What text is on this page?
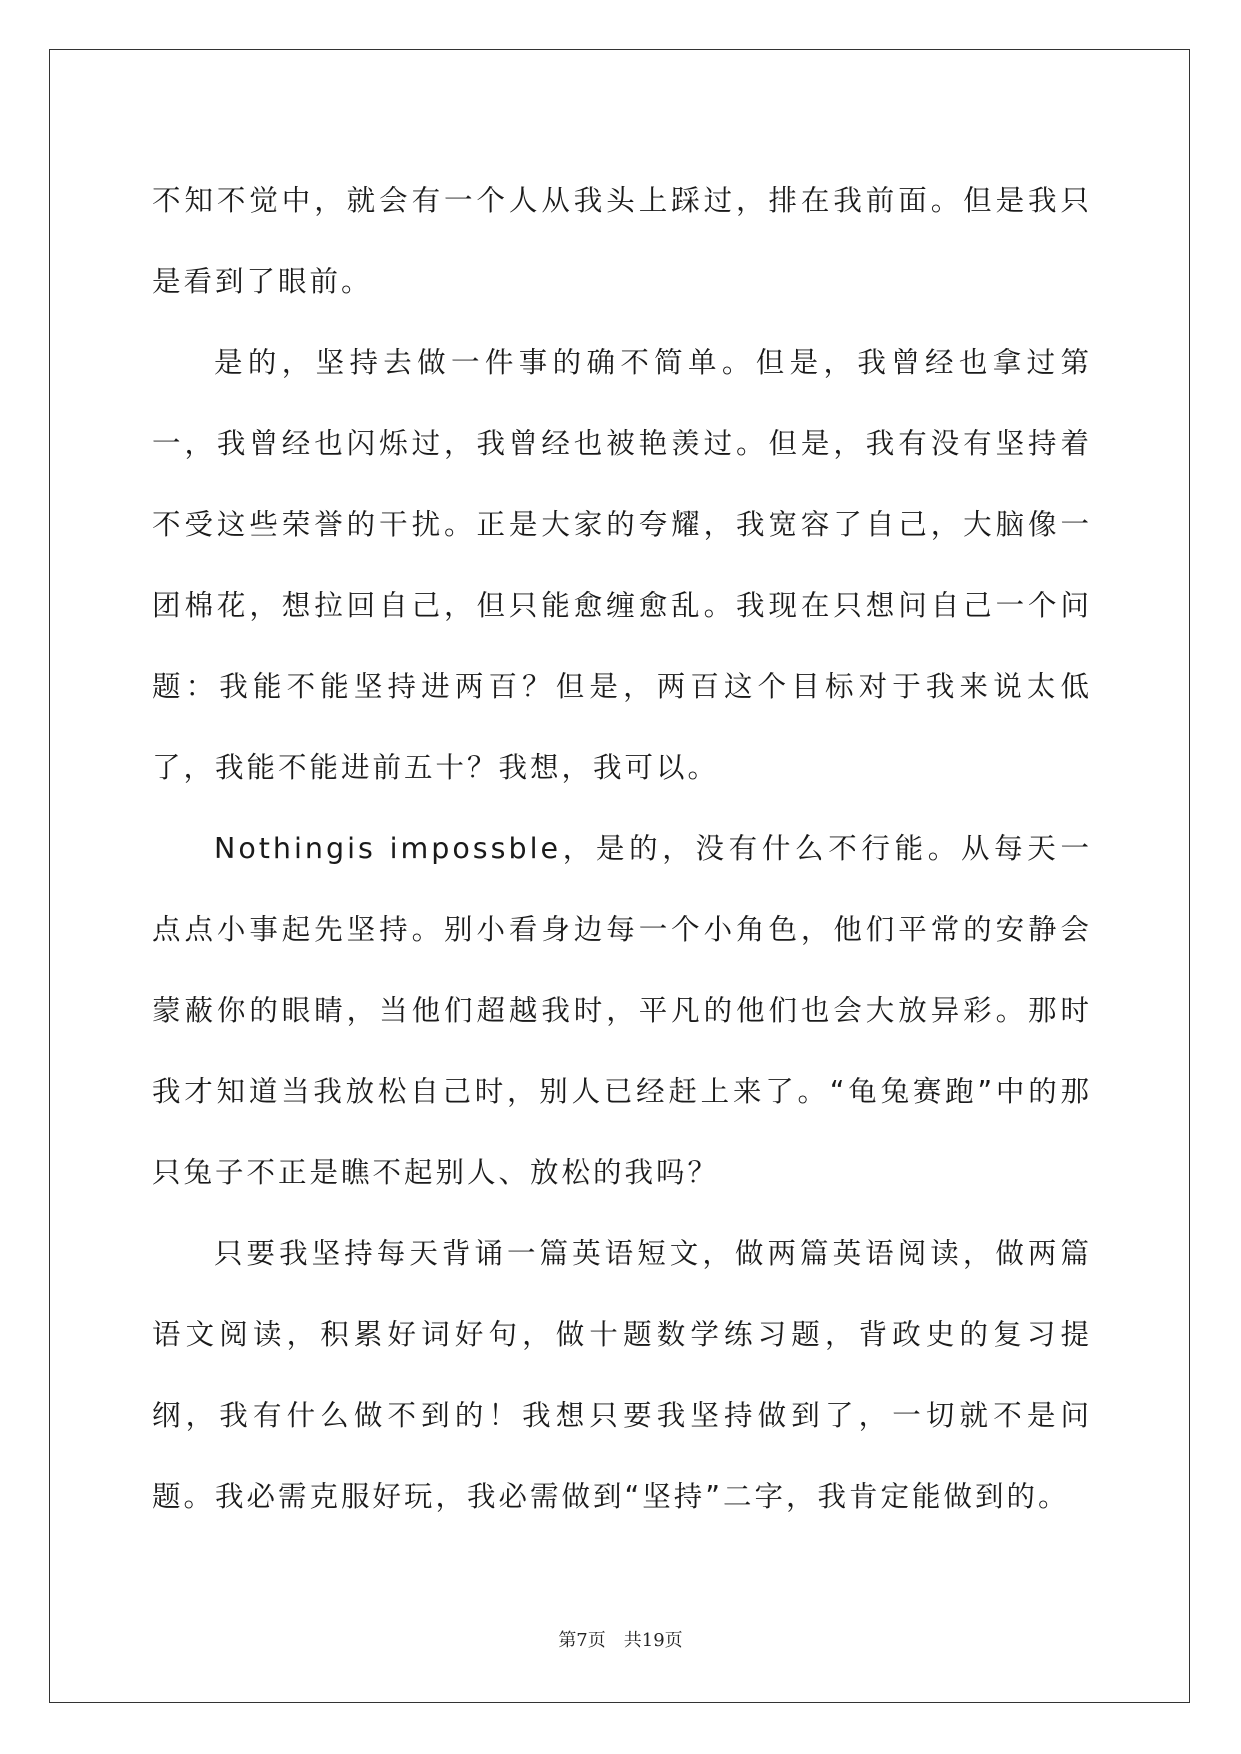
不知不觉中，就会有一个人从我头上踩过，排在我前面。但是我只是看到了眼前。

是的，坚持去做一件事的确不简单。但是，我曾经也拿过第一，我曾经也闪烁过，我曾经也被艳羡过。但是，我有没有坚持着不受这些荣誉的干扰。正是大家的夸耀，我宽容了自己，大脑像一团棉花，想拉回自己，但只能愈缠愈乱。我现在只想问自己一个问题：我能不能坚持进两百？但是，两百这个目标对于我来说太低了，我能不能进前五十？我想，我可以。

Nothingis impossble，是的，没有什么不行能。从每天一点点小事起先坚持。别小看身边每一个小角色，他们平常的安静会蒙蔽你的眼睛，当他们超越我时，平凡的他们也会大放异彩。那时我才知道当我放松自己时，别人已经赶上来了。“龟兔赛跑”中的那只兔子不正是瞧不起别人、放松的我吗？

只要我坚持每天背诵一篇英语短文，做两篇英语阅读，做两篇语文阅读，积累好词好句，做十题数学练习题，背政史的复习提纲，我有什么做不到的！我想只要我坚持做到了，一切就不是问题。我必需克服好玩，我必需做到“坚持”二字，我肯定能做到的。

第7页 共19页
